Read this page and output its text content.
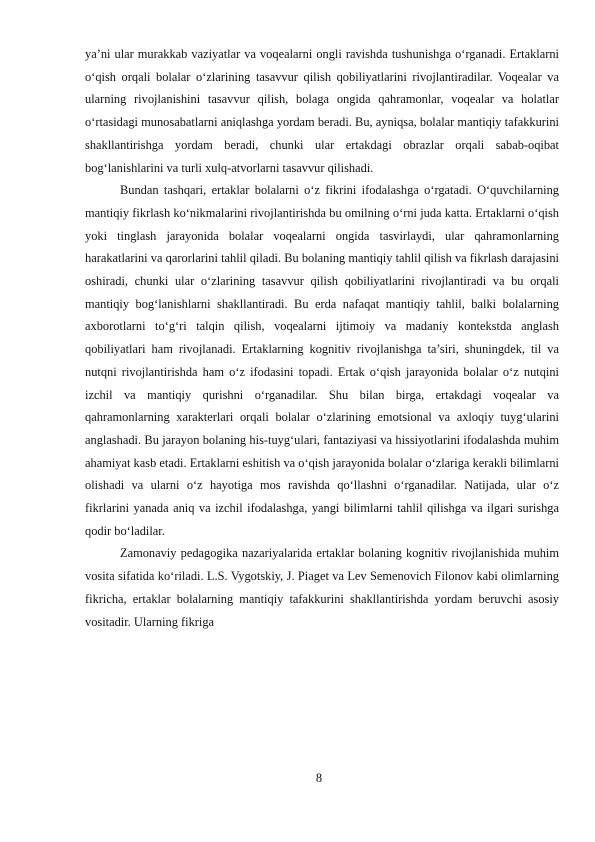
ya’ni ular murakkab vaziyatlar va voqealarni ongli ravishda tushunishga o‘rganadi. Ertaklarni o‘qish orqali bolalar o‘zlarining tasavvur qilish qobiliyatlarini rivojlantiradilar. Voqealar va ularning rivojlanishini tasavvur qilish, bolaga ongida qahramonlar, voqealar va holatlar o‘rtasidagi munosabatlarni aniqlashga yordam beradi. Bu, ayniqsa, bolalar mantiqiy tafakkurini shakllantirishga yordam beradi, chunki ular ertakdagi obrazlar orqali sabab-oqibat bog‘lanishlarini va turli xulq-atvorlarni tasavvur qilishadi.

Bundan tashqari, ertaklar bolalarni o‘z fikrini ifodalashga o‘rgatadi. O‘quvchilarning mantiqiy fikrlash ko‘nikmalarini rivojlantirishda bu omilning o‘rni juda katta. Ertaklarni o‘qish yoki tinglash jarayonida bolalar voqealarni ongida tasvirlaydi, ular qahramonlarning harakatlarini va qarorlarini tahlil qiladi. Bu bolaning mantiqiy tahlil qilish va fikrlash darajasini oshiradi, chunki ular o‘zlarining tasavvur qilish qobiliyatlarini rivojlantiradi va bu orqali mantiqiy bog‘lanishlarni shakllantiradi. Bu erda nafaqat mantiqiy tahlil, balki bolalarning axborotlarni to‘g‘ri talqin qilish, voqealarni ijtimoiy va madaniy kontekstda anglash qobiliyatlari ham rivojlanadi. Ertaklarning kognitiv rivojlanishga ta’siri, shuningdek, til va nutqni rivojlantirishda ham o‘z ifodasini topadi. Ertak o‘qish jarayonida bolalar o‘z nutqini izchil va mantiqiy qurishni o‘rganadilar. Shu bilan birga, ertakdagi voqealar va qahramonlarning xarakterlari orqali bolalar o‘zlarining emotsional va axloqiy tuyg‘ularini anglashadi. Bu jarayon bolaning his-tuyg‘ulari, fantaziyasi va hissiyotlarini ifodalashda muhim ahamiyat kasb etadi. Ertaklarni eshitish va o‘qish jarayonida bolalar o‘zlariga kerakli bilimlarni olishadi va ularni o‘z hayotiga mos ravishda qo‘llashni o‘rganadilar. Natijada, ular o‘z fikrlarini yanada aniq va izchil ifodalashga, yangi bilimlarni tahlil qilishga va ilgari surishga qodir bo‘ladilar.

Zamonaviy pedagogika nazariyalarida ertaklar bolaning kognitiv rivojlanishida muhim vosita sifatida ko‘riladi. L.S. Vygotskiy, J. Piaget va Lev Semenovich Filonov kabi olimlarning fikricha, ertaklar bolalarning mantiqiy tafakkurini shakllantirishda yordam beruvchi asosiy vositadir. Ularning fikriga

8
